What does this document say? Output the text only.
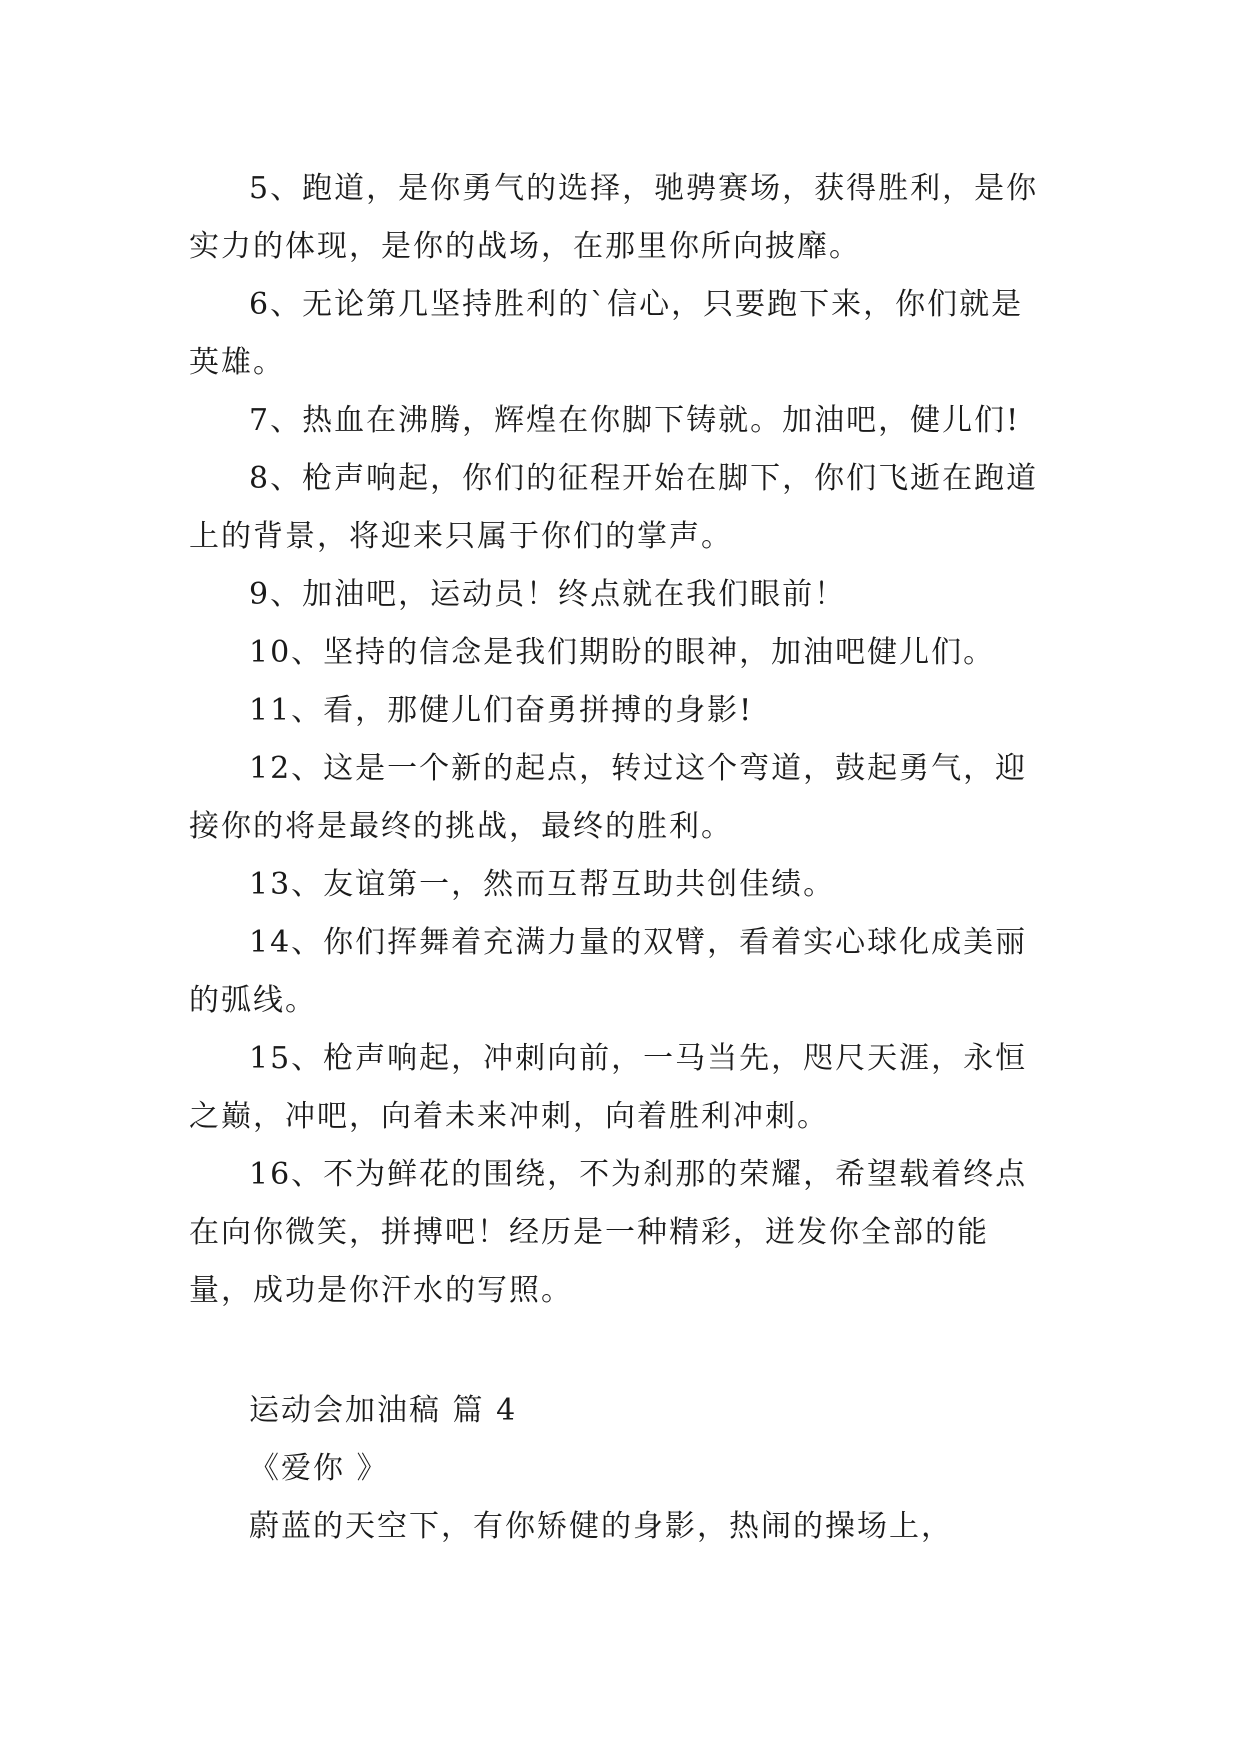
5、跑道，是你勇气的选择，驰骋赛场，获得胜利，是你实力的体现，是你的战场，在那里你所向披靡。

6、无论第几坚持胜利的`信心，只要跑下来，你们就是英雄。

7、热血在沸腾，辉煌在你脚下铸就。加油吧，健儿们!

8、枪声响起，你们的征程开始在脚下，你们飞逝在跑道上的背景，将迎来只属于你们的掌声。

9、加油吧，运动员！终点就在我们眼前！

10、坚持的信念是我们期盼的眼神，加油吧健儿们。

11、看，那健儿们奋勇拼搏的身影!

12、这是一个新的起点，转过这个弯道，鼓起勇气，迎接你的将是最终的挑战，最终的胜利。

13、友谊第一，然而互帮互助共创佳绩。

14、你们挥舞着充满力量的双臂，看着实心球化成美丽的弧线。

15、枪声响起，冲刺向前，一马当先，咫尺天涯，永恒之巅，冲吧，向着未来冲刺，向着胜利冲刺。

16、不为鲜花的围绕，不为刹那的荣耀，希望载着终点在向你微笑，拼搏吧！经历是一种精彩，迸发你全部的能量，成功是你汗水的写照。

运动会加油稿 篇 4

《爱你 》

蔚蓝的天空下，有你矫健的身影，热闹的操场上，
